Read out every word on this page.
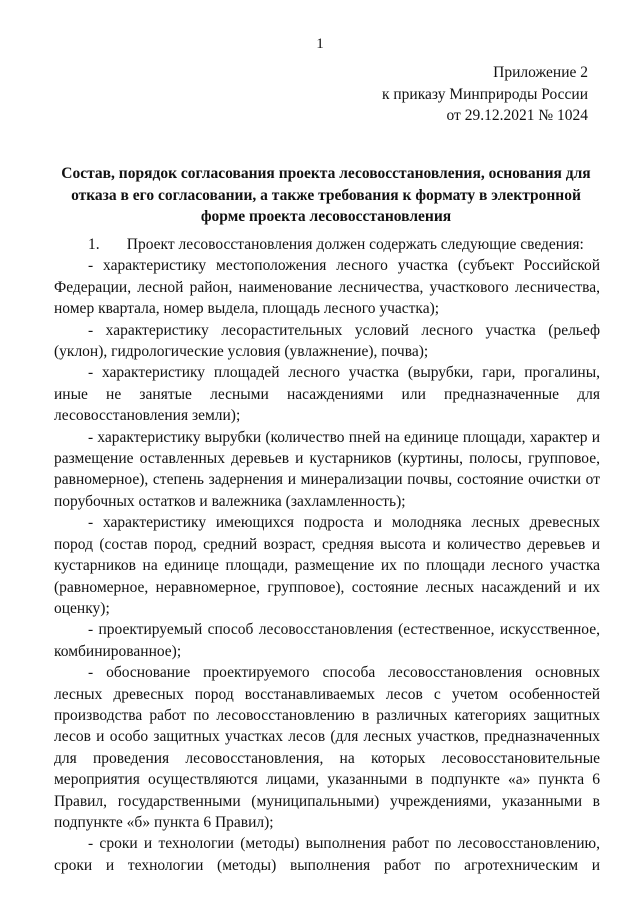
1
Приложение 2
к приказу Минприроды России
от 29.12.2021 № 1024
Состав, порядок согласования проекта лесовосстановления, основания для отказа в его согласовании, а также требования к формату в электронной форме проекта лесовосстановления

1.       Проект лесовосстановления должен содержать следующие сведения:

- характеристику местоположения лесного участка (субъект Российской Федерации, лесной район, наименование лесничества, участкового лесничества, номер квартала, номер выдела, площадь лесного участка);

- характеристику лесорастительных условий лесного участка (рельеф (уклон), гидрологические условия (увлажнение), почва);

- характеристику площадей лесного участка (вырубки, гари, прогалины, иные не занятые лесными насаждениями или предназначенные для лесовосстановления земли);

- характеристику вырубки (количество пней на единице площади, характер и размещение оставленных деревьев и кустарников (куртины, полосы, групповое, равномерное), степень задернения и минерализации почвы, состояние очистки от порубочных остатков и валежника (захламленность);

- характеристику имеющихся подроста и молодняка лесных древесных пород (состав пород, средний возраст, средняя высота и количество деревьев и кустарников на единице площади, размещение их по площади лесного участка (равномерное, неравномерное, групповое), состояние лесных насаждений и их оценку);

- проектируемый способ лесовосстановления (естественное, искусственное, комбинированное);

- обоснование проектируемого способа лесовосстановления основных лесных древесных пород восстанавливаемых лесов с учетом особенностей производства работ по лесовосстановлению в различных категориях защитных лесов и особо защитных участках лесов (для лесных участков, предназначенных для проведения лесовосстановления, на которых лесовосстановительные мероприятия осуществляются лицами, указанными в подпункте «а» пункта 6 Правил, государственными (муниципальными) учреждениями, указанными в подпункте «б» пункта 6 Правил);

- сроки и технологии (методы) выполнения работ по лесовосстановлению, сроки и технологии (методы) выполнения работ по агротехническим и
